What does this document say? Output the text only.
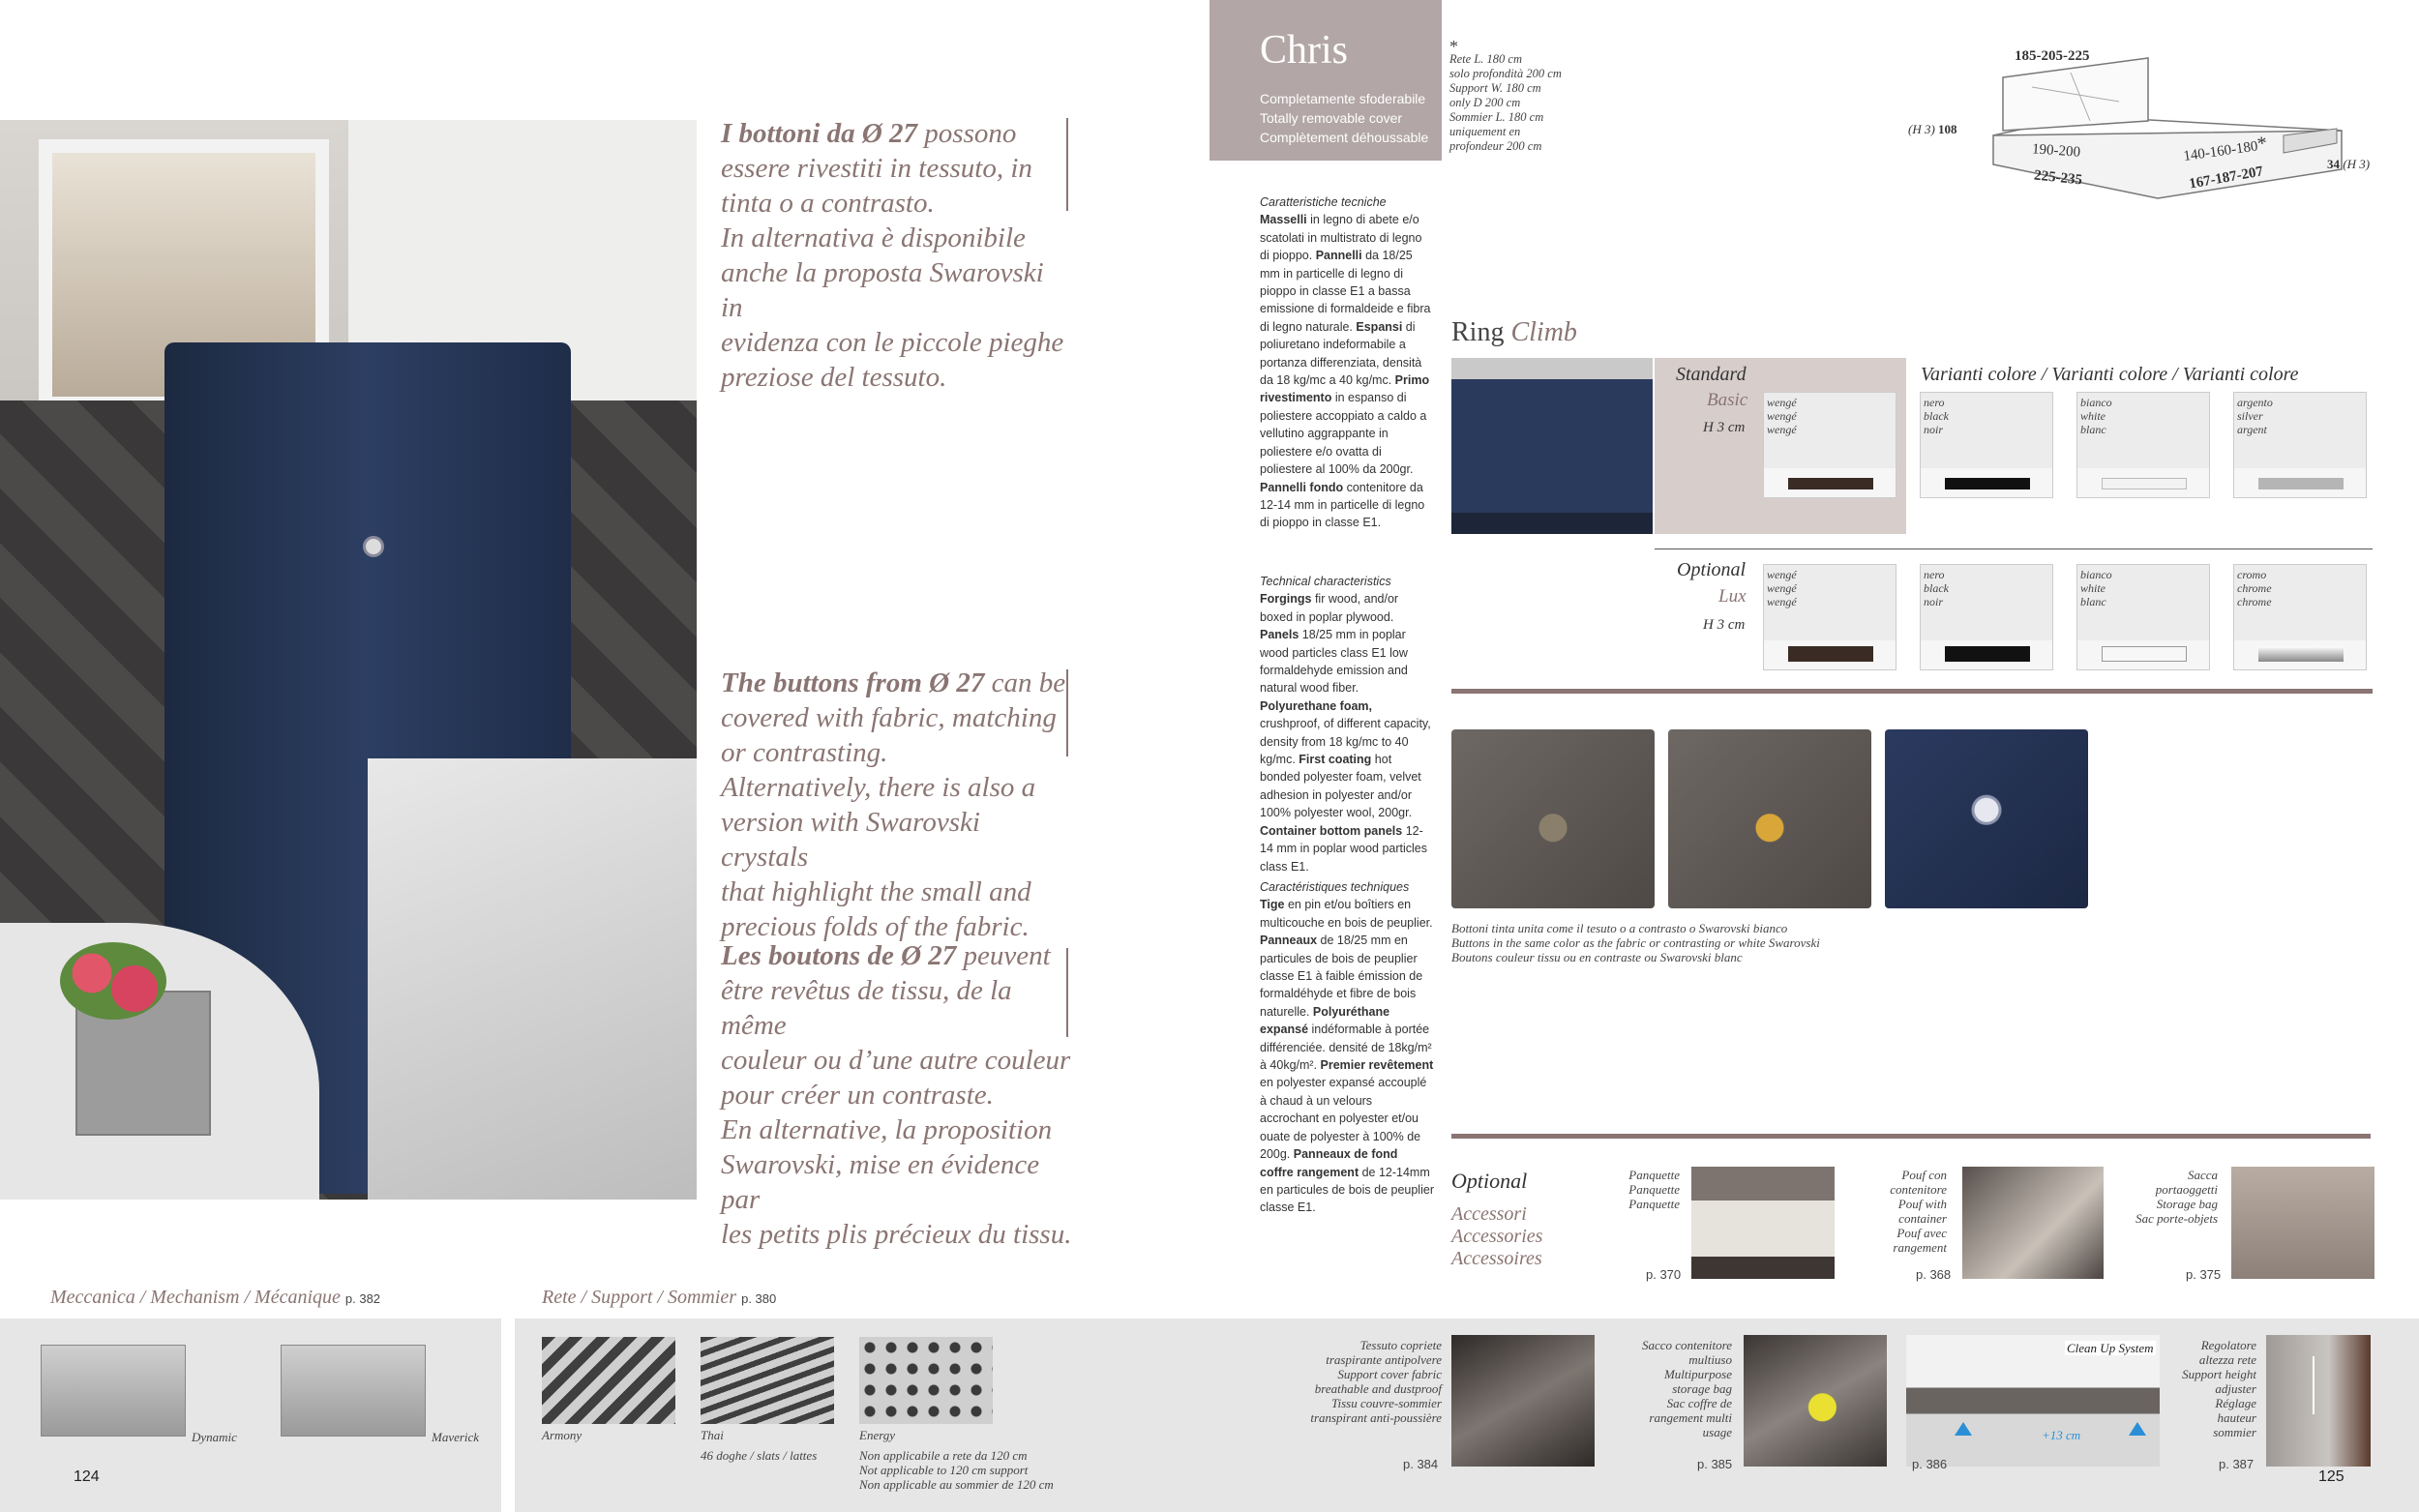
I bottoni da Ø 27 possono
essere rivestiti in tessuto, in
tinta o a contrasto.
In alternativa è disponibile
anche la proposta Swarovski in
evidenza con le piccole pieghe
preziose del tessuto.
The buttons from Ø 27 can be
covered with fabric, matching
or contrasting.
Alternatively, there is also a
version with Swarovski crystals
that highlight the small and
precious folds of the fabric.
Les boutons de Ø 27 peuvent
être revêtus de tissu, de la même
couleur ou d’une autre couleur
pour créer un contraste.
En alternative, la proposition
Swarovski, mise en évidence par
les petits plis précieux du tissu.
Meccanica / Mechanism / Mécanique p. 382	Rete / Support / Sommier p. 380
Dynamic	Maverick
124
Armony	Thai
46 doghe / slats / lattes
Energy
Non applicabile a rete da 120 cm
Not applicable to 120 cm support
Non applicable au sommier de 120 cm
Chris
Completamente sfoderabile
Totally removable cover
Complètement déhoussable
*
Rete L. 180 cm
solo profondità 200 cm
Support W. 180 cm
only D 200 cm
Sommier L. 180 cm
uniquement en
profondeur 200 cm
185-205-225
(H 3) 108
190-200	140-160-180*
225-235	167-187-207	34 (H 3)
Caratteristiche tecniche
Masselli in legno di abete e/o scatolati in multistrato di legno di pioppo. Pannelli da 18/25 mm in particelle di legno di pioppo in classe E1 a bassa emissione di formaldeide e fibra di legno naturale. Espansi di poliuretano indeformabile a portanza differenziata, densità da 18 kg/mc a 40 kg/mc. Primo rivestimento in espanso di poliestere accoppiato a caldo a vellutino aggrappante in poliestere e/o ovatta di poliestere al 100% da 200gr. Pannelli fondo contenitore da 12-14 mm in particelle di legno di pioppo in classe E1.
Technical characteristics
Forgings fir wood, and/or boxed in poplar plywood. Panels 18/25 mm in poplar wood particles class E1 low formaldehyde emission and natural wood fiber. Polyurethane foam, crushproof, of different capacity, density from 18 kg/mc to 40 kg/mc. First coating hot bonded polyester foam, velvet adhesion in polyester and/or 100% polyester wool, 200gr. Container bottom panels 12-14 mm in poplar wood particles class E1.
Caractéristiques techniques
Tige en pin et/ou boîtiers en multicouche en bois de peuplier. Panneaux de 18/25 mm en particules de bois de peuplier classe E1 à faible émission de formaldéhyde et fibre de bois naturelle. Polyuréthane expansé indéformable à portée différenciée. densité de 18kg/m² à 40kg/m². Premier revêtement en polyester expansé accouplé à chaud à un velours accrochant en polyester et/ou ouate de polyester à 100% de 200g. Panneaux de fond coffre rangement de 12-14mm en particules de bois de peuplier classe E1.
Ring Climb
Standard
Basic
H 3 cm
Varianti colore / Varianti colore / Varianti colore
wengé
wengé
wengé
nero
black
noir
bianco
white
blanc
argento
silver
argent
Optional
Lux
H 3 cm
wengé
wengé
wengé
nero
black
noir
bianco
white
blanc
cromo
chrome
chrome
Bottoni tinta unita come il tesuto o a contrasto o Swarovski bianco
Buttons in the same color as the fabric or contrasting or white Swarovski
Boutons couleur tissu ou en contraste ou Swarovski blanc
Optional
Accessori
Accessories
Accessoires
Panquette
Panquette
Panquette
p. 370
Pouf con
contenitore
Pouf with
container
Pouf avec
rangement
p. 368
Sacca
portaoggetti
Storage bag
Sac porte-objets
p. 375
Tessuto copriete
traspirante antipolvere
Support cover fabric
breathable and dustproof
Tissu couvre-sommier
transpirant anti-poussière
p. 384
Sacco contenitore
multiuso
Multipurpose
storage bag
Sac coffre de
rangement multi
usage
p. 385
Clean Up System
+13 cm
p. 386
Regolatore
altezza rete
Support height
adjuster
Réglage
hauteur
sommier
p. 387
125
